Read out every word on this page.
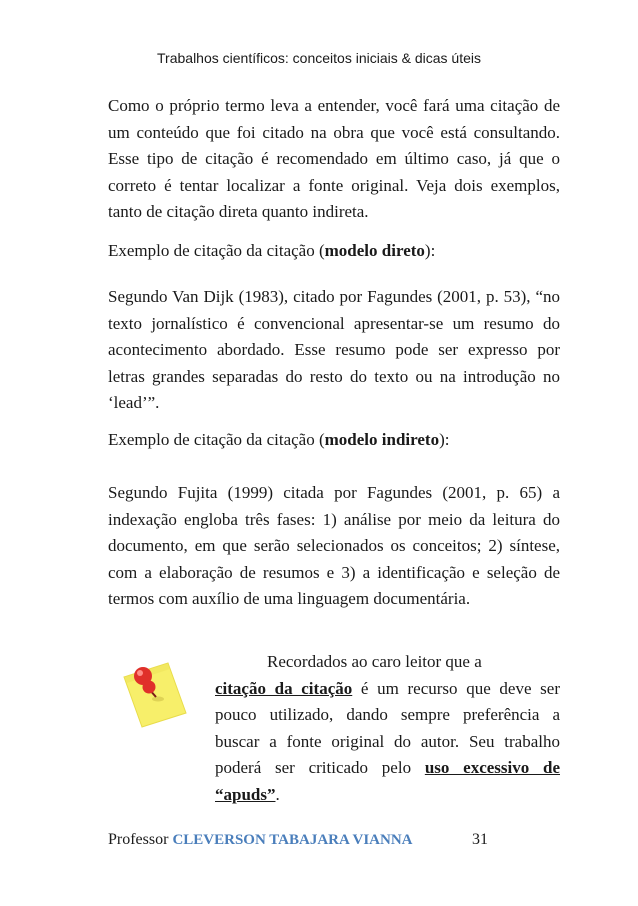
Trabalhos científicos: conceitos iniciais & dicas úteis

Como o próprio termo leva a entender, você fará uma citação de um conteúdo que foi citado na obra que você está consultando. Esse tipo de citação é recomendado em último caso, já que o correto é tentar localizar a fonte original. Veja dois exemplos, tanto de citação direta quanto indireta.

Exemplo de citação da citação (modelo direto):

Segundo Van Dijk (1983), citado por Fagundes (2001, p. 53), “no texto jornalístico é convencional apresentar-se um resumo do acontecimento abordado. Esse resumo pode ser expresso por letras grandes separadas do resto do texto ou na introdução no ‘lead’”.

Exemplo de citação da citação (modelo indireto):

Segundo Fujita (1999) citada por Fagundes (2001, p. 65) a indexação engloba três fases: 1) análise por meio da leitura do documento, em que serão selecionados os conceitos; 2) síntese, com a elaboração de resumos e 3) a identificação e seleção de termos com auxílio de uma linguagem documentária.

Recordados ao caro leitor que a
citação da citação é um recurso que deve ser pouco utilizado, dando sempre preferência a buscar a fonte original do autor. Seu trabalho poderá ser criticado pelo uso excessivo de “apuds”.
Professor CLEVERSON TABAJARA VIANNA	31
